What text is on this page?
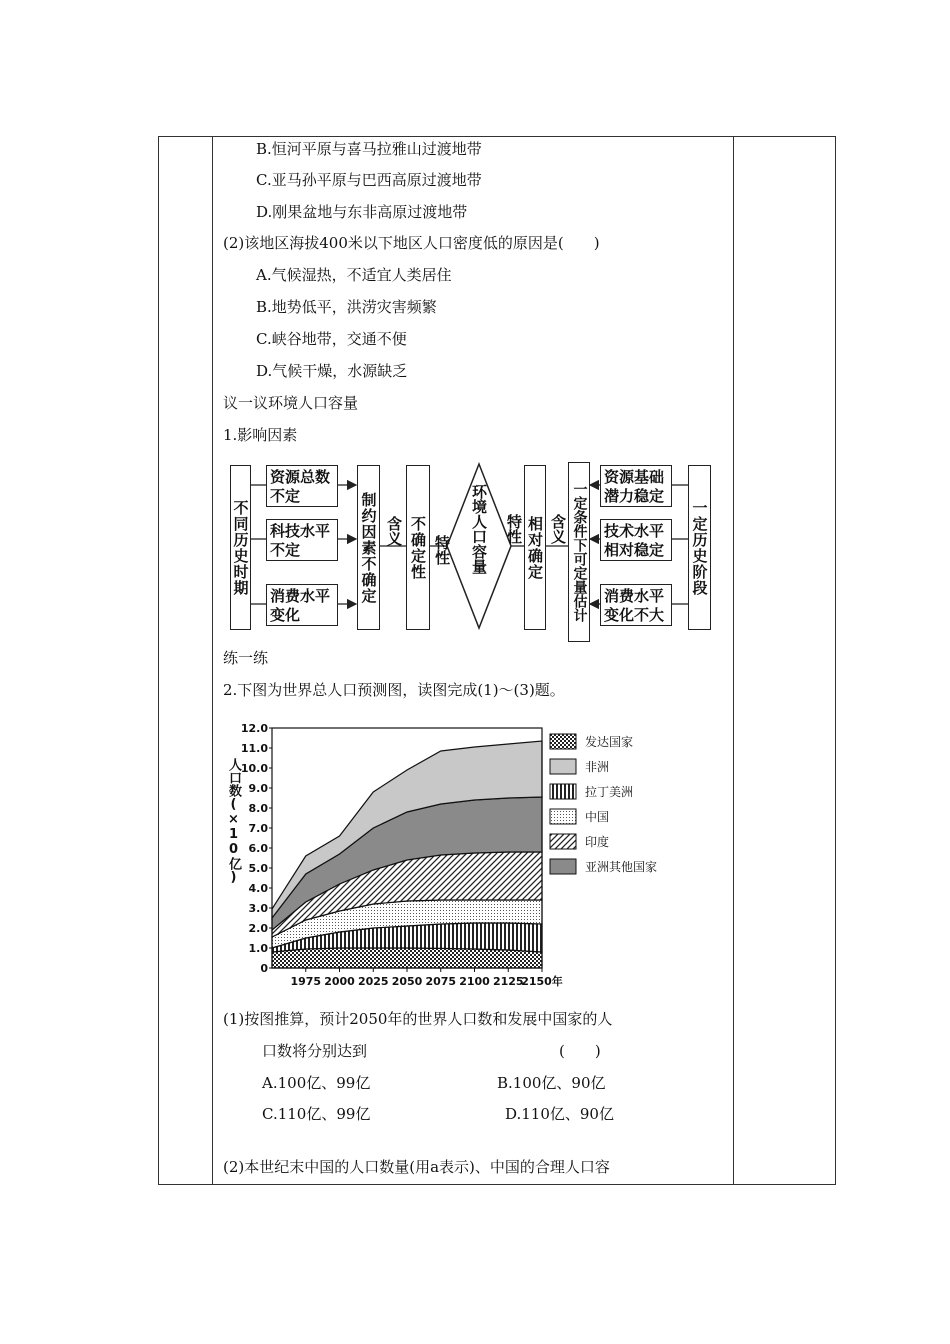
B.恒河平原与喜马拉雅山过渡地带
C.亚马孙平原与巴西高原过渡地带
D.刚果盆地与东非高原过渡地带
(2)该地区海拔400米以下地区人口密度低的原因是(　　)
A.气候湿热，不适宜人类居住
B.地势低平，洪涝灾害频繁
C.峡谷地带，交通不便
D.气候干燥，水源缺乏
议一议环境人口容量
1.影响因素
不同历史时期
资源总数不定
科技水平不定
消费水平变化
制约因素不确定 含义 不确定性 特性 环境人口容量 特性 相对确定 含义 一定条件下可定量估计
资源基础潜力稳定
技术水平相对稳定
消费水平变化不大
一定历史阶段
练一练
2.下图为世界总人口预测图，读图完成(1)～(3)题。
0
1.0
2.0
3.0
4.0
5.0
6.0
7.0
8.0
9.0
10.0
11.0
12.0
1975 2000 2025 2050 2075 2100 2125
2150年
发达国家
非洲
拉丁美洲
中国
印度
亚洲其他国家
人口数(×10亿)
(1)按图推算，预计2050年的世界人口数和发展中国家的人
口数将分别达到	(　　)
A.100亿、99亿	B.100亿、90亿
C.110亿、99亿	D.110亿、90亿
(2)本世纪末中国的人口数量(用a表示)、中国的合理人口容
